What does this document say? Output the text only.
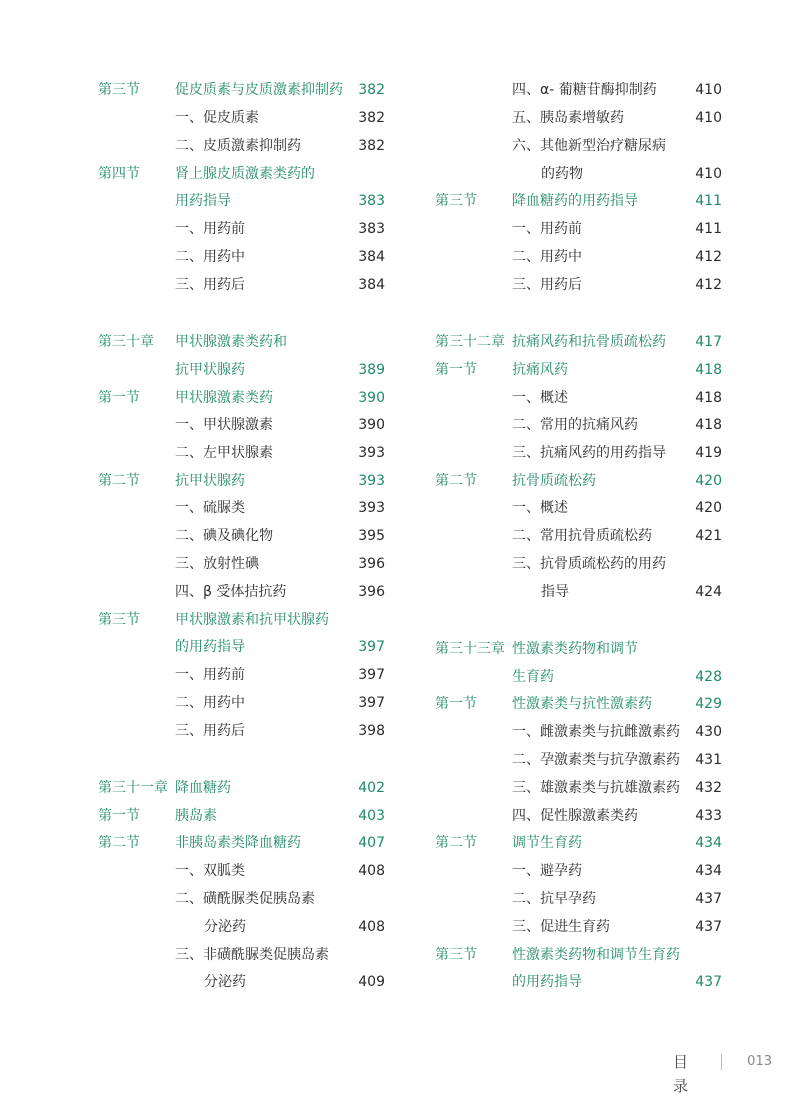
第三节	促皮质素与皮质激素抑制药 382
一、促皮质素	382
二、皮质激素抑制药	382
第四节	肾上腺皮质激素类药的
用药指导	383
一、用药前	383
二、用药中	384
三、用药后	384
第三十章 甲状腺激素类药和
抗甲状腺药	389
第一节	甲状腺激素类药	390
一、甲状腺激素	390
二、左甲状腺素	393
第二节	抗甲状腺药	393
一、硫脲类	393
二、碘及碘化物	395
三、放射性碘	396
四、β 受体拮抗药	396
第三节	甲状腺激素和抗甲状腺药
的用药指导	397
一、用药前	397
二、用药中	397
三、用药后	398
第三十一章 降血糖药	402
第一节	胰岛素	403
第二节	非胰岛素类降血糖药	407
一、双胍类	408
二、磺酰脲类促胰岛素
分泌药	408
三、非磺酰脲类促胰岛素
分泌药	409
四、α- 葡糖苷酶抑制药	410
五、胰岛素增敏药	410
六、其他新型治疗糖尿病
的药物	410
第三节	降血糖药的用药指导	411
一、用药前	411
二、用药中	412
三、用药后	412
第三十二章 抗痛风药和抗骨质疏松药 417
第一节	抗痛风药	418
一、概述	418
二、常用的抗痛风药	418
三、抗痛风药的用药指导 419
第二节	抗骨质疏松药	420
一、概述	420
二、常用抗骨质疏松药	421
三、抗骨质疏松药的用药
指导	424
第三十三章 性激素类药物和调节
生育药	428
第一节	性激素类与抗性激素药	429
一、雌激素类与抗雌激素药 430
二、孕激素类与抗孕激素药 431
三、雄激素类与抗雄激素药 432
四、促性腺激素类药	433
第二节	调节生育药	434
一、避孕药	434
二、抗早孕药	437
三、促进生育药	437
第三节	性激素类药物和调节生育药
的用药指导	437
目 录
013
